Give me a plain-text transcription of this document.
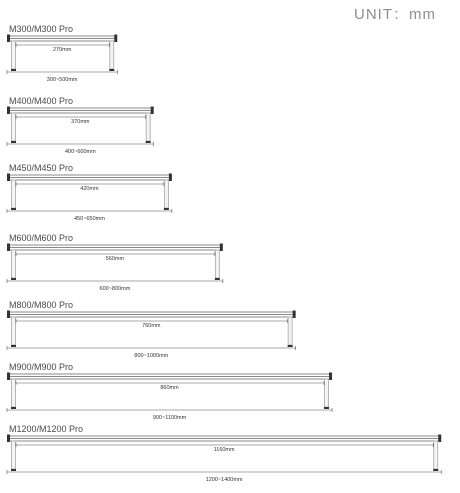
UNIT：mm
M300/M300 Pro
270mm
300~500mm
M400/M400 Pro
370mm
400~600mm
M450/M450 Pro
420mm
450~650mm
M600/M600 Pro
560mm
600~800mm
M800/M800 Pro
760mm
800~1000mm
M900/M900 Pro
860mm
900~1100mm
M1200/M1200 Pro
1160mm
1200~1400mm
